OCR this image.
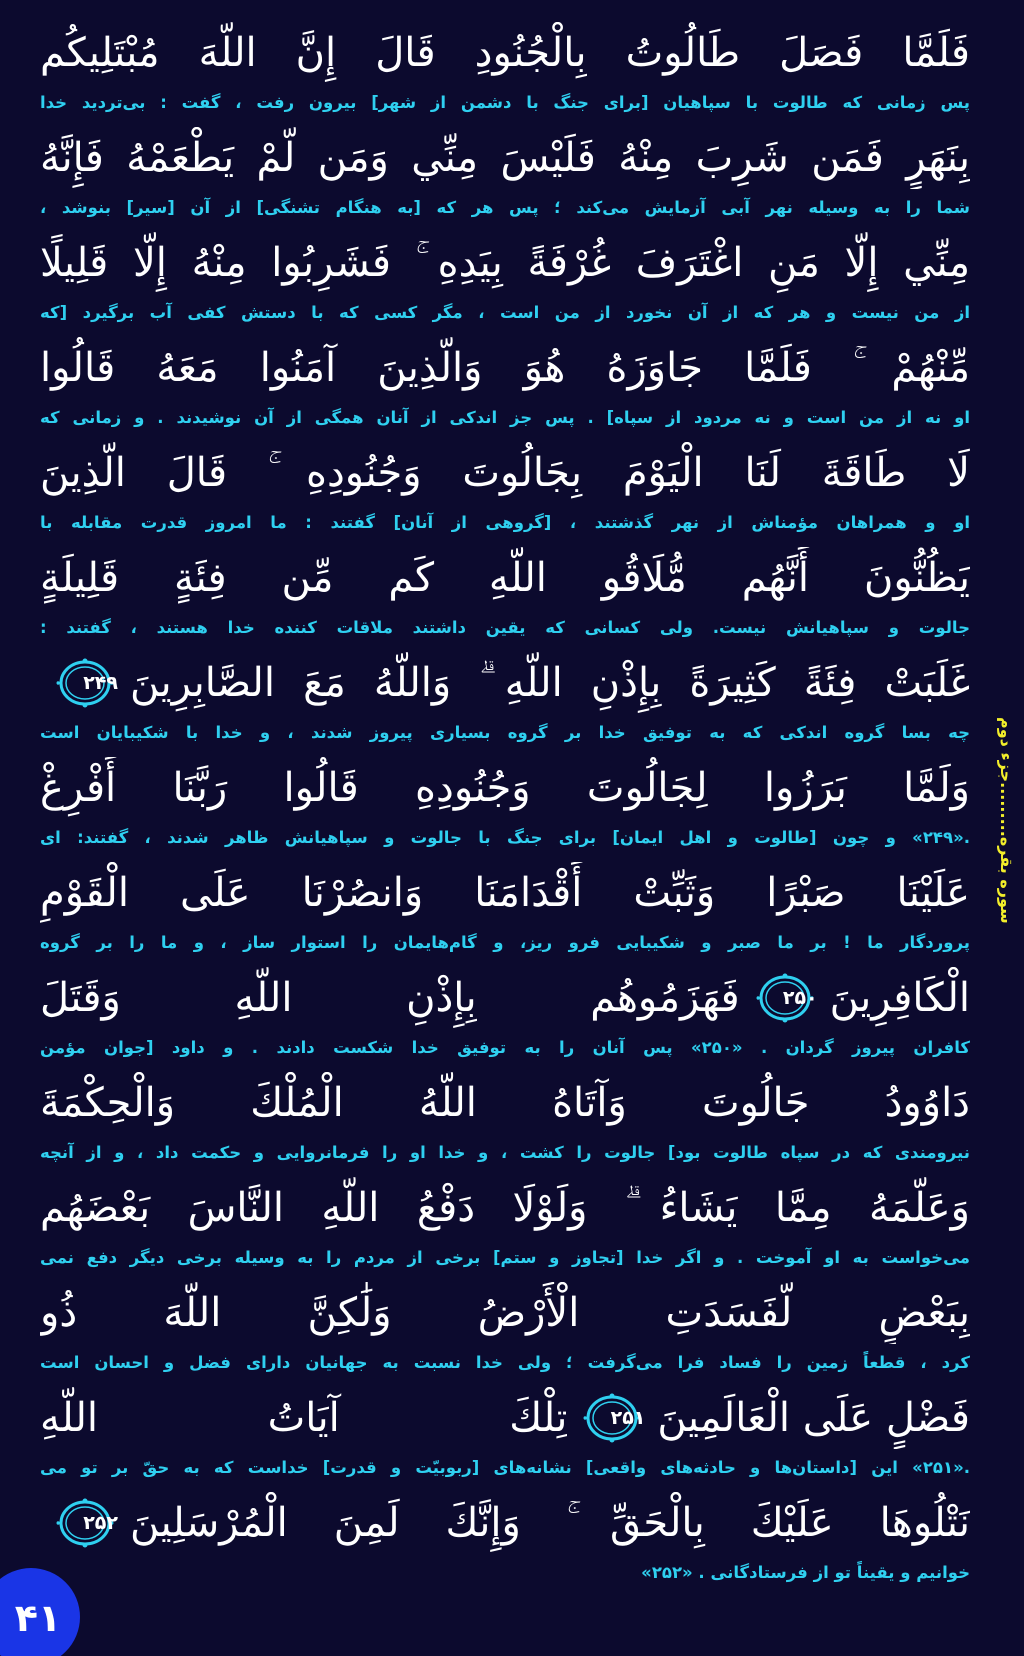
فَلَمَّا فَصَلَ طَالُوتُ بِالْجُنُودِ قَالَ إِنَّ اللَّهَ مُبْتَلِيكُم
پس زمانی که طالوت با سپاهیان [برای جنگ با دشمن از شهر] بیرون رفت ، گفت : بی‌تردید خدا
بِنَهَرٍ فَمَن شَرِبَ مِنْهُ فَلَيْسَ مِنِّي وَمَن لَّمْ يَطْعَمْهُ فَإِنَّهُ
شما را به وسیله نهر آبی آزمایش می‌کند ؛ پس هر که [به هنگام تشنگی] از آن [سیر] بنوشد ،
مِنِّي إِلَّا مَنِ اغْتَرَفَ غُرْفَةً بِيَدِهِ ۚ فَشَرِبُوا مِنْهُ إِلَّا قَلِيلًا
از من نیست و هر که از آن نخورد از من است ، مگر کسی که با دستش کفی آب برگیرد [که
مِّنْهُمْ ۚ فَلَمَّا جَاوَزَهُ هُوَ وَالَّذِينَ آمَنُوا مَعَهُ قَالُوا
او نه از من است و نه مردود از سپاه] . پس جز اندکی از آنان همگی از آن نوشیدند . و زمانی که
لَا طَاقَةَ لَنَا الْيَوْمَ بِجَالُوتَ وَجُنُودِهِ ۚ قَالَ الَّذِينَ
او و همراهان مؤمناش از نهر گذشتند ، [گروهی از آنان] گفتند : ما امروز قدرت مقابله با
يَظُنُّونَ أَنَّهُم مُّلَاقُو اللَّهِ كَم مِّن فِئَةٍ قَلِيلَةٍ
جالوت و سپاهیانش نیست. ولی کسانی که یقین داشتند ملاقات کننده خدا هستند ، گفتند :
غَلَبَتْ فِئَةً كَثِيرَةً بِإِذْنِ اللَّهِ ۗ وَاللَّهُ مَعَ الصَّابِرِينَ
۲۴۹
چه بسا گروه اندکی که به توفیق خدا بر گروه بسیاری پیروز شدند ، و خدا با شکیبایان است
وَلَمَّا بَرَزُوا لِجَالُوتَ وَجُنُودِهِ قَالُوا رَبَّنَا أَفْرِغْ
.«۲۴۹» و چون [طالوت و اهل ایمان] برای جنگ با جالوت و سپاهیانش ظاهر شدند ، گفتند: ای
عَلَيْنَا صَبْرًا وَثَبِّتْ أَقْدَامَنَا وَانصُرْنَا عَلَى الْقَوْمِ
پروردگار ما ! بر ما صبر و شکیبایی فرو ریز، و گام‌هایمان را استوار ساز ، و ما را بر گروه
الْكَافِرِينَ
۲۵۰
فَهَزَمُوهُم بِإِذْنِ اللَّهِ وَقَتَلَ
کافران پیروز گردان . «۲۵۰» پس آنان را به توفیق خدا شکست دادند . و داود [جوان مؤمن
دَاوُودُ جَالُوتَ وَآتَاهُ اللَّهُ الْمُلْكَ وَالْحِكْمَةَ
نیرومندی که در سپاه طالوت بود] جالوت را کشت ، و خدا او را فرمانروایی و حکمت داد ، و از آنچه
وَعَلَّمَهُ مِمَّا يَشَاءُ ۗ وَلَوْلَا دَفْعُ اللَّهِ النَّاسَ بَعْضَهُم
می‌خواست به او آموخت . و اگر خدا [تجاوز و ستم] برخی از مردم را به وسیله برخی دیگر دفع نمی
بِبَعْضٍ لَّفَسَدَتِ الْأَرْضُ وَلَٰكِنَّ اللَّهَ ذُو
کرد ، قطعاً زمین را فساد فرا می‌گرفت ؛ ولی خدا نسبت به جهانیان دارای فضل و احسان است
فَضْلٍ عَلَى الْعَالَمِينَ
۲۵۱
تِلْكَ آيَاتُ اللَّهِ
.«۲۵۱» این [داستان‌ها و حادثه‌های واقعی] نشانه‌های [ربوبیّت و قدرت] خداست که به حقّ بر تو می
نَتْلُوهَا عَلَيْكَ بِالْحَقِّ ۚ وَإِنَّكَ لَمِنَ الْمُرْسَلِينَ
۲۵۲
خوانیم و یقیناً تو از فرستادگانی . «۲۵۲»
سوره بقره.........جزء دوم
۴۱
